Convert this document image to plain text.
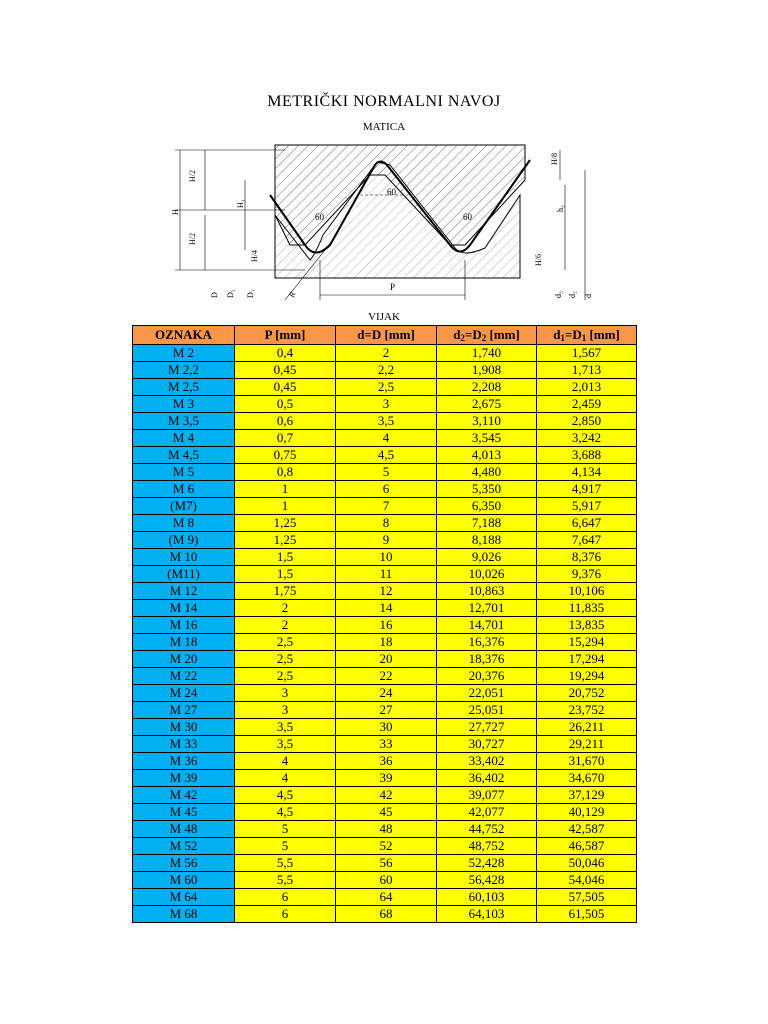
METRIČKI NORMALNI NAVOJ
MATICA
60
60	60
H
H/2
H/2
H₁
H/4
H/8
h₃
H/6
D D₂ D₁	R
P
d₃ d₂ d
VIJAK
OZNAKA	P [mm]	d=D [mm]	$d_2=D_2$ [mm]	$d_1=D_1$ [mm]
M 2	0,4	2	1,740	1,567
M 2,2	0,45	2,2	1,908	1,713
M 2,5	0,45	2,5	2,208	2,013
M 3	0,5	3	2,675	2,459
M 3,5	0,6	3,5	3,110	2,850
M 4	0,7	4	3,545	3,242
M 4,5	0,75	4,5	4,013	3,688
M 5	0,8	5	4,480	4,134
M 6	1	6	5,350	4,917
(M7)	1	7	6,350	5,917
M 8	1,25	8	7,188	6,647
(M 9)	1,25	9	8,188	7,647
M 10	1,5	10	9,026	8,376
(M11)	1,5	11	10,026	9,376
M 12	1,75	12	10,863	10,106
M 14	2	14	12,701	11,835
M 16	2	16	14,701	13,835
M 18	2,5	18	16,376	15,294
M 20	2,5	20	18,376	17,294
M 22	2,5	22	20,376	19,294
M 24	3	24	22,051	20,752
M 27	3	27	25,051	23,752
M 30	3,5	30	27,727	26,211
M 33	3,5	33	30,727	29,211
M 36	4	36	33,402	31,670
M 39	4	39	36,402	34,670
M 42	4,5	42	39,077	37,129
M 45	4,5	45	42,077	40,129
M 48	5	48	44,752	42,587
M 52	5	52	48,752	46,587
M 56	5,5	56	52,428	50,046
M 60	5,5	60	56,428	54,046
M 64	6	64	60,103	57,505
M 68	6	68	64,103	61,505
